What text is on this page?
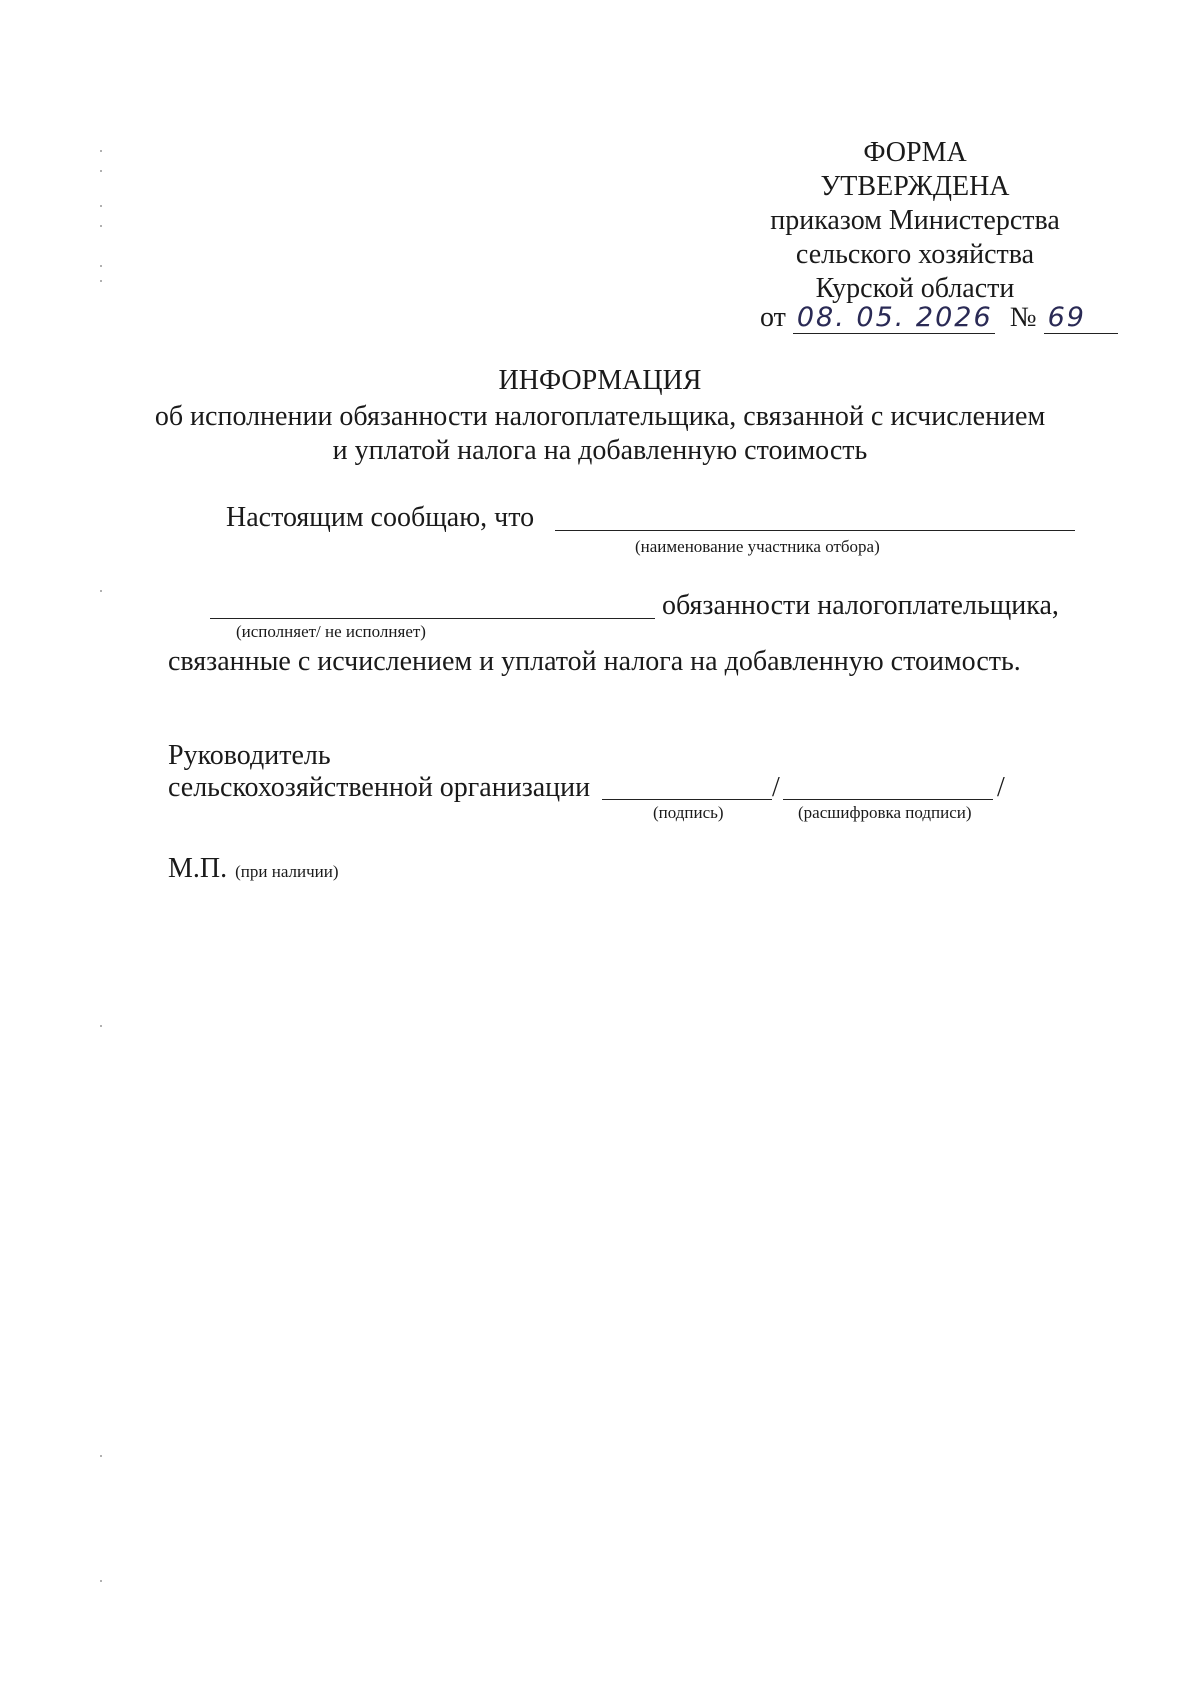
ФОРМА
УТВЕРЖДЕНА
приказом Министерства
сельского хозяйства
Курской области
от 08. 05. 2026 № 69
ИНФОРМАЦИЯ
об исполнении обязанности налогоплательщика, связанной с исчислением
и уплатой налога на добавленную стоимость
Настоящим сообщаю, что
(наименование участника отбора)
обязанности налогоплательщика,
(исполняет/ не исполняет)
связанные с исчислением и уплатой налога на добавленную стоимость.
Руководитель
сельскохозяйственной организации	/	/
(подпись)	(расшифровка подписи)
М.П. (при наличии)
